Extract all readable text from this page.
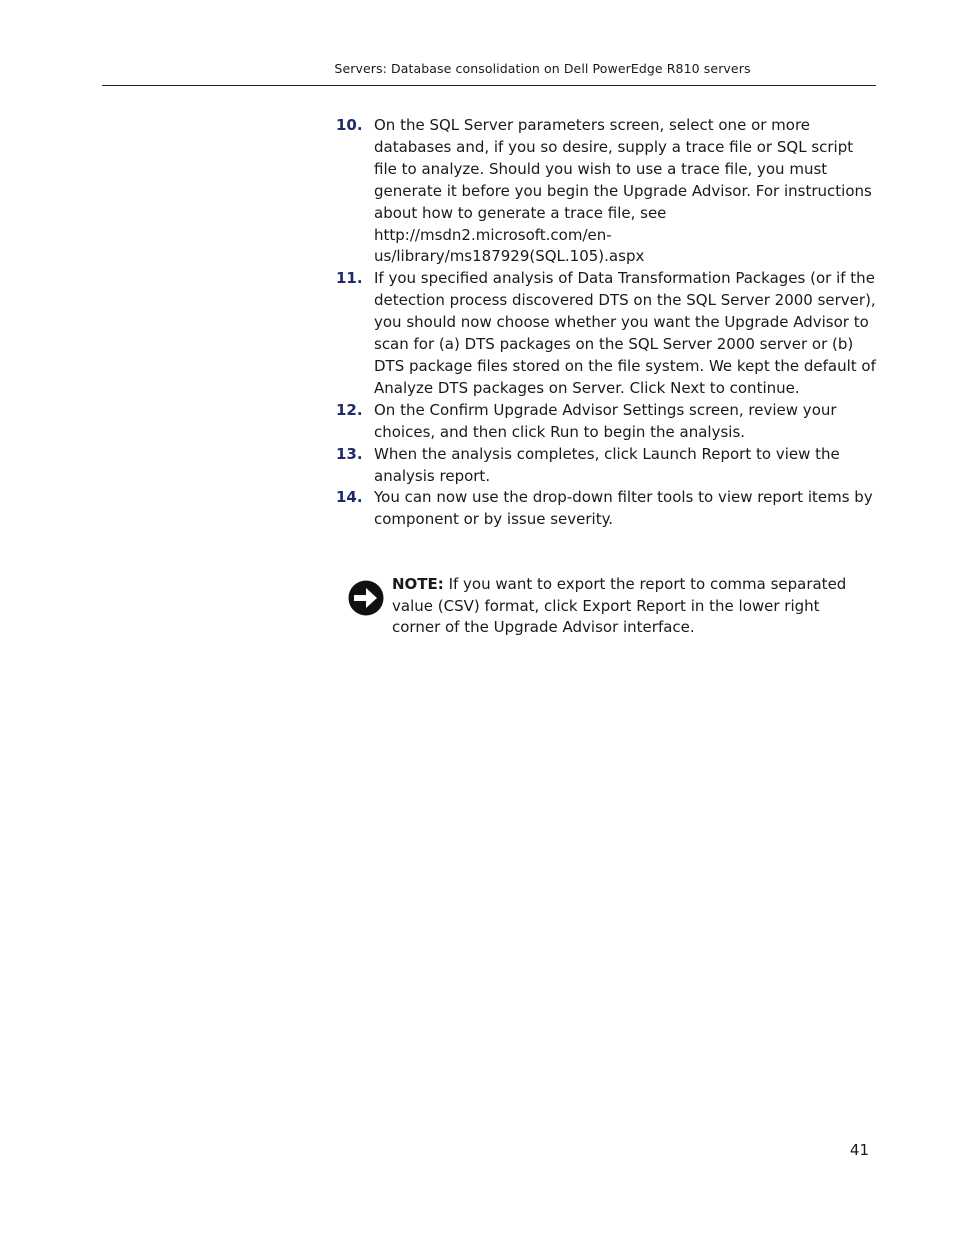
Servers: Database consolidation on Dell PowerEdge R810 servers
10. On the SQL Server parameters screen, select one or more databases and, if you so desire, supply a trace file or SQL script file to analyze. Should you wish to use a trace file, you must generate it before you begin the Upgrade Advisor. For instructions about how to generate a trace file, see http://msdn2.microsoft.com/en-us/library/ms187929(SQL.105).aspx
11. If you specified analysis of Data Transformation Packages (or if the detection process discovered DTS on the SQL Server 2000 server), you should now choose whether you want the Upgrade Advisor to scan for (a) DTS packages on the SQL Server 2000 server or (b) DTS package files stored on the file system. We kept the default of Analyze DTS packages on Server. Click Next to continue.
12. On the Confirm Upgrade Advisor Settings screen, review your choices, and then click Run to begin the analysis.
13. When the analysis completes, click Launch Report to view the analysis report.
14. You can now use the drop-down filter tools to view report items by component or by issue severity.
NOTE: If you want to export the report to comma separated value (CSV) format, click Export Report in the lower right corner of the Upgrade Advisor interface.
41
